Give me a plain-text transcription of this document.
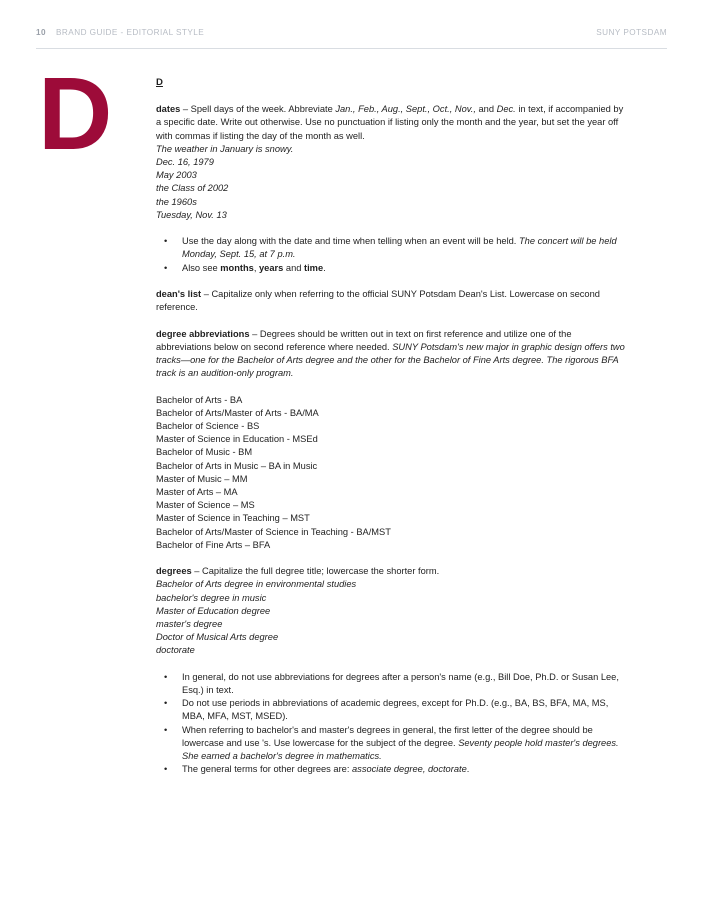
10 BRAND GUIDE - EDITORIAL STYLE	SUNY POTSDAM
D	D

dates – Spell days of the week. Abbreviate Jan., Feb., Aug., Sept., Oct., Nov., and Dec. in text, if accompanied by a specific date. Write out otherwise. Use no punctuation if listing only the month and the year, but set the year off with commas if listing the day of the month as well.

The weather in January is snowy.
Dec. 16, 1979
May 2003
the Class of 2002
the 1960s
Tuesday, Nov. 13
• Use the day along with the date and time when telling when an event will be held. The concert will be held Monday, Sept. 15, at 7 p.m.
• Also see months, years and time.

dean's list – Capitalize only when referring to the official SUNY Potsdam Dean's List. Lowercase on second reference.

degree abbreviations – Degrees should be written out in text on first reference and utilize one of the abbreviations below on second reference where needed. SUNY Potsdam's new major in graphic design offers two tracks—one for the Bachelor of Arts degree and the other for the Bachelor of Fine Arts degree. The rigorous BFA track is an audition-only program.

Bachelor of Arts - BA
Bachelor of Arts/Master of Arts - BA/MA
Bachelor of Science - BS
Master of Science in Education - MSEd
Bachelor of Music - BM
Bachelor of Arts in Music – BA in Music
Master of Music – MM
Master of Arts – MA
Master of Science – MS
Master of Science in Teaching – MST
Bachelor of Arts/Master of Science in Teaching - BA/MST
Bachelor of Fine Arts – BFA

degrees – Capitalize the full degree title; lowercase the shorter form.

Bachelor of Arts degree in environmental studies
bachelor's degree in music
Master of Education degree
master's degree
Doctor of Musical Arts degree
doctorate
• In general, do not use abbreviations for degrees after a person's name (e.g., Bill Doe, Ph.D. or Susan Lee, Esq.) in text.
• Do not use periods in abbreviations of academic degrees, except for Ph.D. (e.g., BA, BS, BFA, MA, MS, MBA, MFA, MST, MSED).
• When referring to bachelor's and master's degrees in general, the first letter of the degree should be lowercase and use 's. Use lowercase for the subject of the degree. Seventy people hold master's degrees. She earned a bachelor's degree in mathematics.
• The general terms for other degrees are: associate degree, doctorate.
